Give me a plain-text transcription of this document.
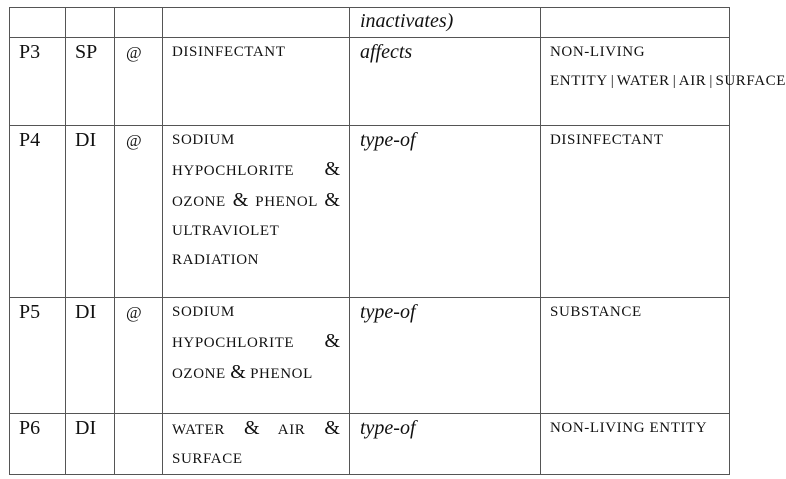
				inactivates)	
P3	SP	@	DISINFECTANT	affects	NON-LIVING ENTITY | WATER | AIR | SURFACE
P4	DI	@	SODIUM HYPOCHLORITE & OZONE & PHENOL & ULTRAVIOLET RADIATION	type-of	DISINFECTANT
P5	DI	@	SODIUM HYPOCHLORITE & OZONE & PHENOL	type-of	SUBSTANCE
P6	DI		WATER & AIR & SURFACE	type-of	NON-LIVING ENTITY
